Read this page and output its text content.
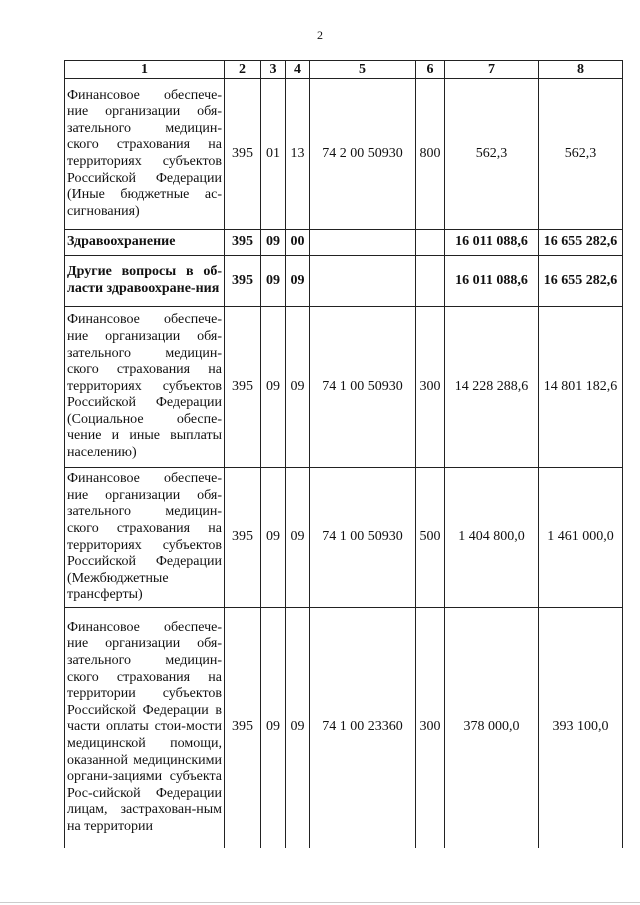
2
1	2	3	4	5	6	7	8
Финансовое обеспече-ние организации обя-зательного медицин-ского страхования на территориях субъектов Российской Федерации (Иные бюджетные ас-сигнования)	395	01	13	74 2 00 50930	800	562,3	562,3
Здравоохранение	395	09	00			16 011 088,6	16 655 282,6
Другие вопросы в об-ласти здравоохране-ния	395	09	09			16 011 088,6	16 655 282,6
Финансовое обеспече-ние организации обя-зательного медицин-ского страхования на территориях субъектов Российской Федерации (Социальное обеспе-чение и иные выплаты населению)	395	09	09	74 1 00 50930	300	14 228 288,6	14 801 182,6
Финансовое обеспече-ние организации обя-зательного медицин-ского страхования на территориях субъектов Российской Федерации (Межбюджетные трансферты)	395	09	09	74 1 00 50930	500	1 404 800,0	1 461 000,0
Финансовое обеспече-ние организации обя-зательного медицин-ского страхования на территории субъектов Российской Федерации в части оплаты стои-мости медицинской помощи, оказанной медицинскими органи-зациями субъекта Рос-сийской Федерации лицам, застрахован-ным на территории	395	09	09	74 1 00 23360	300	378 000,0	393 100,0
